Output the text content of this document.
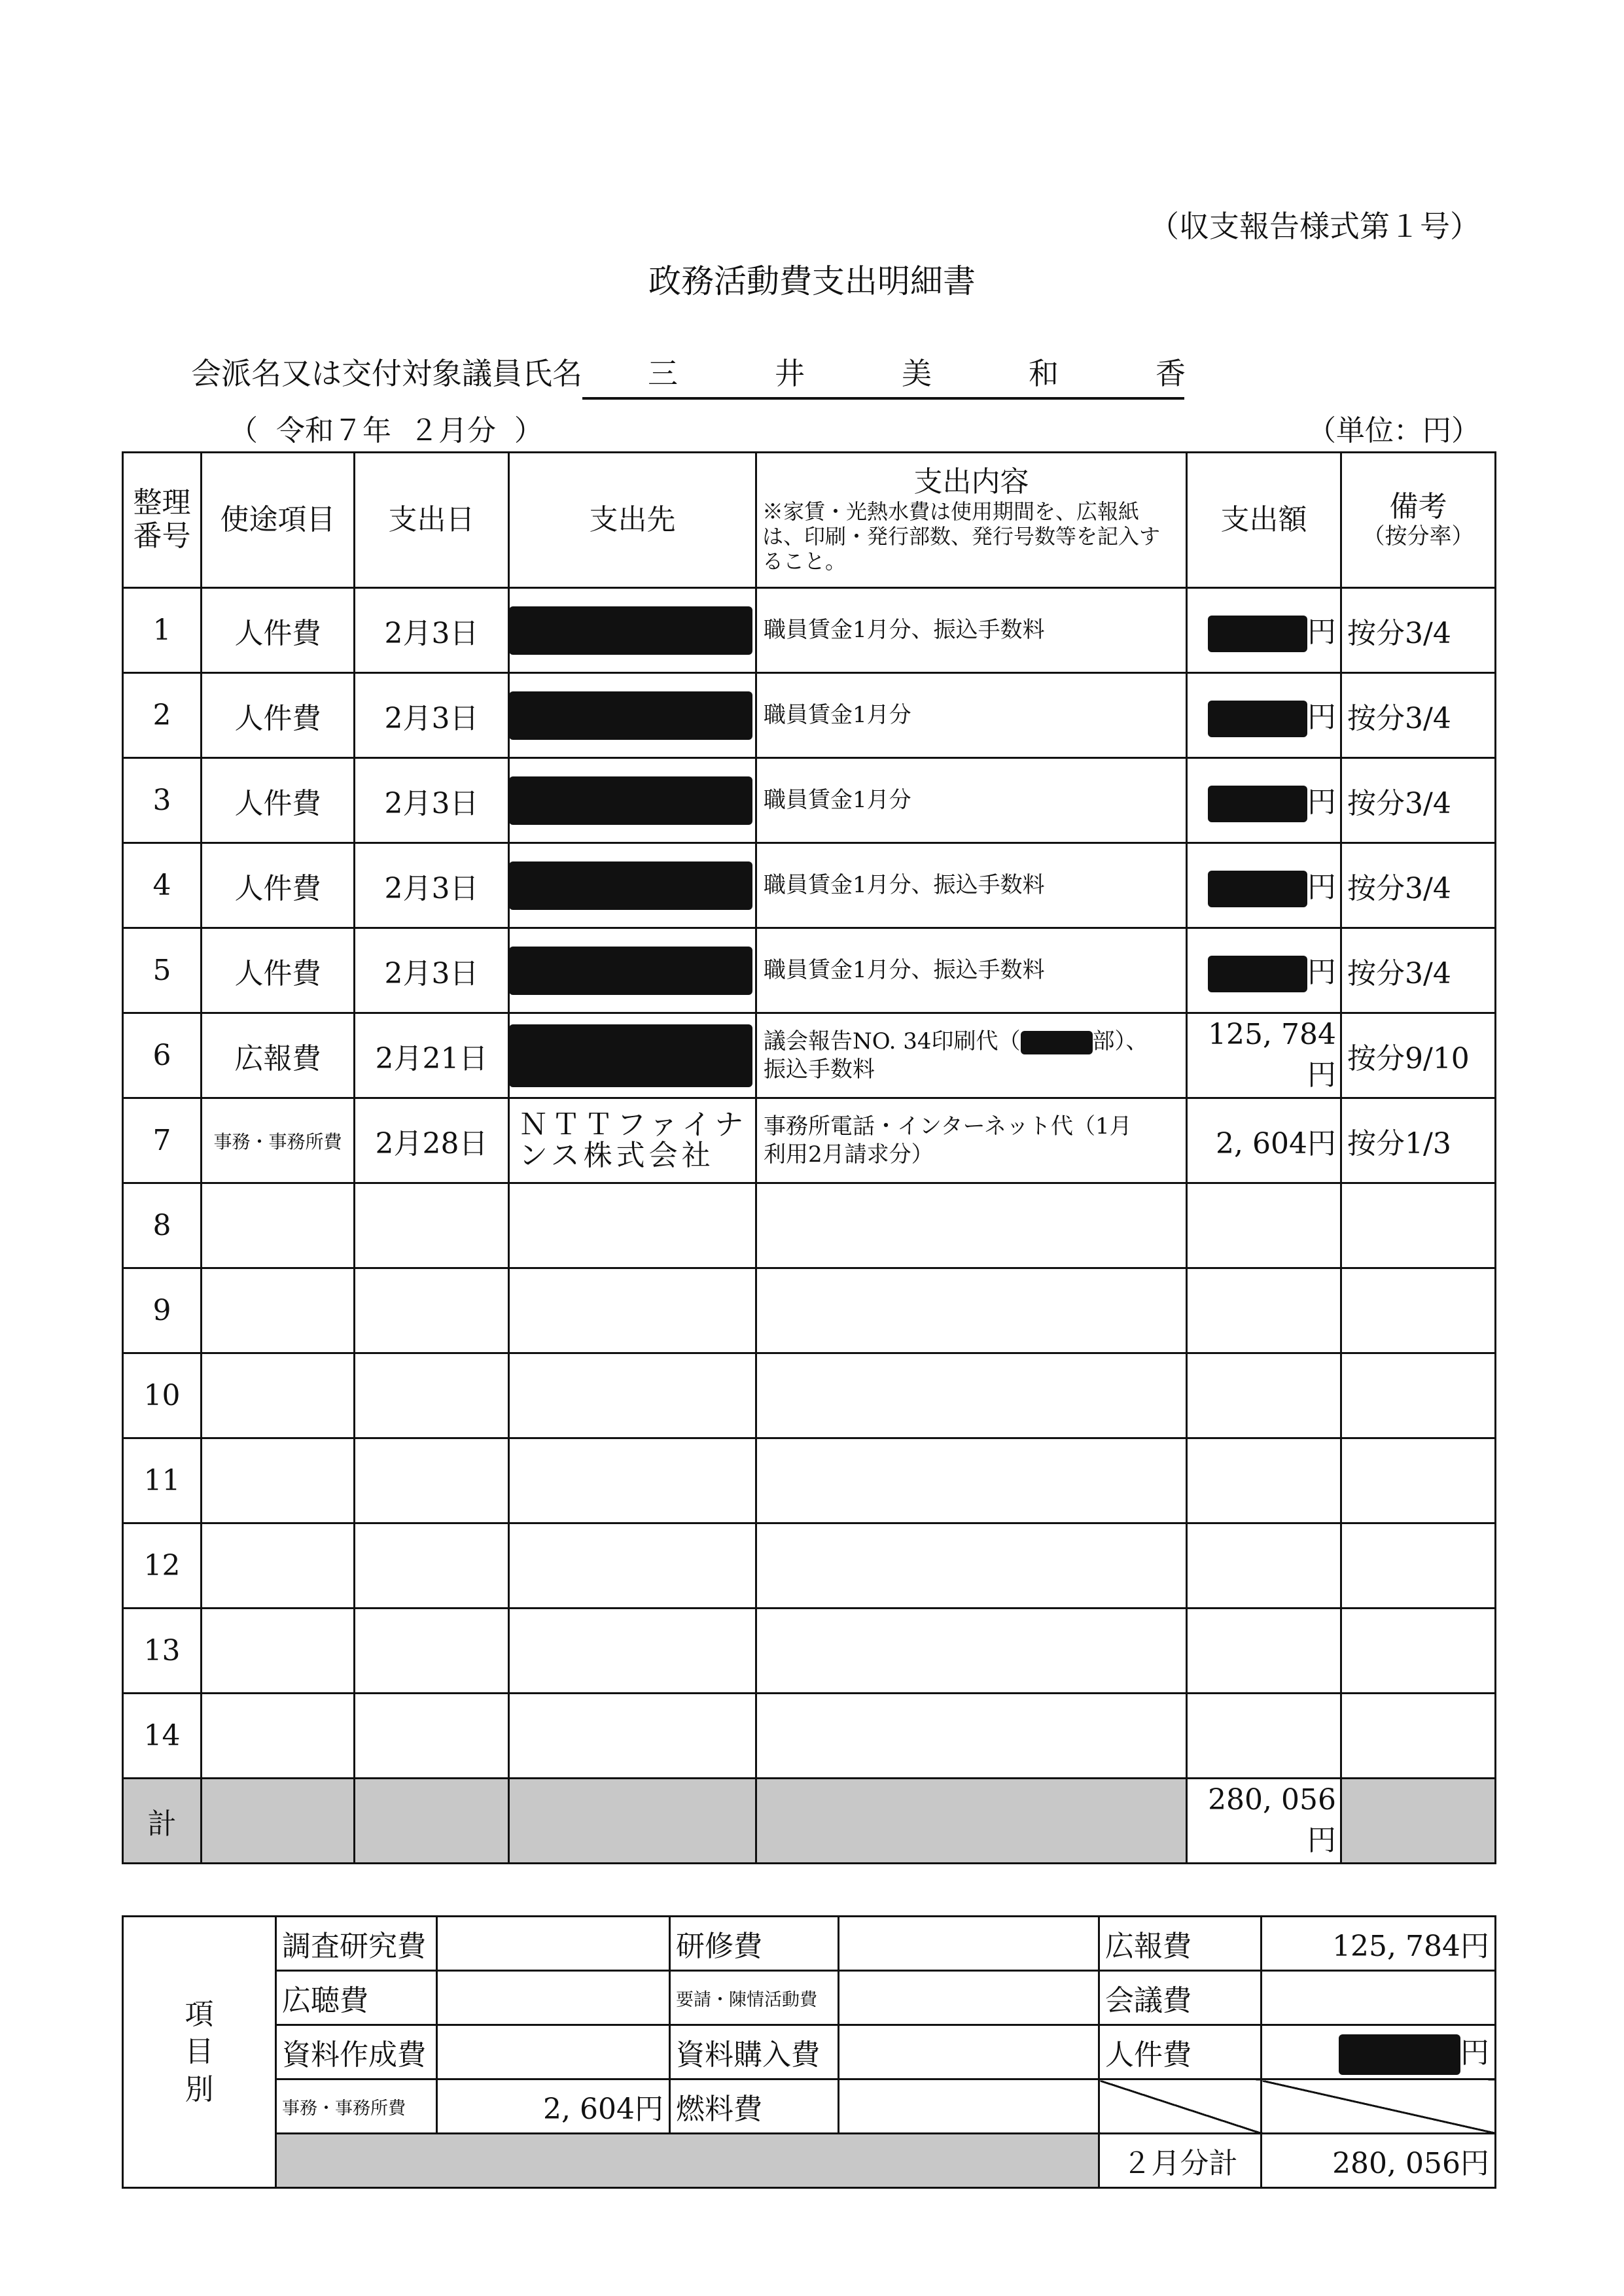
（収支報告様式第１号）
政務活動費支出明細書
会派名又は交付対象議員氏名	三井美和香
（  令和７年  ２月分  ）	（単位：円）
整理
番号	使途項目	支出日	支出先	支出内容
※家賃・光熱水費は使用期間を、広報紙は、印刷・発行部数、発行号数等を記入すること。	支出額	備考
（按分率）

1	人件費	2月3日		職員賃金1月分、振込手数料	円	按分3/4
2	人件費	2月3日		職員賃金1月分	円	按分3/4
3	人件費	2月3日		職員賃金1月分	円	按分3/4
4	人件費	2月3日		職員賃金1月分、振込手数料	円	按分3/4
5	人件費	2月3日		職員賃金1月分、振込手数料	円	按分3/4
6	広報費	2月21日		議会報告NO. 34印刷代（ 部）、
振込手数料	125, 784円	按分9/10
7	事務・事務所費	2月28日	ＮＴＴファイナ
ンス株式会社	事務所電話・インターネット代（1月
利用2月請求分）	2, 604円	按分1/3
8						
9						
10						
11						
12						
13						
14						
計					280, 056円	
項
目
別	調査研究費		研修費		広報費	125, 784円
	広聴費		要請・陳情活動費		会議費	
	資料作成費		資料購入費		人件費	円
	事務・事務所費	2, 604円	燃料費			
					２月分計	280, 056円
